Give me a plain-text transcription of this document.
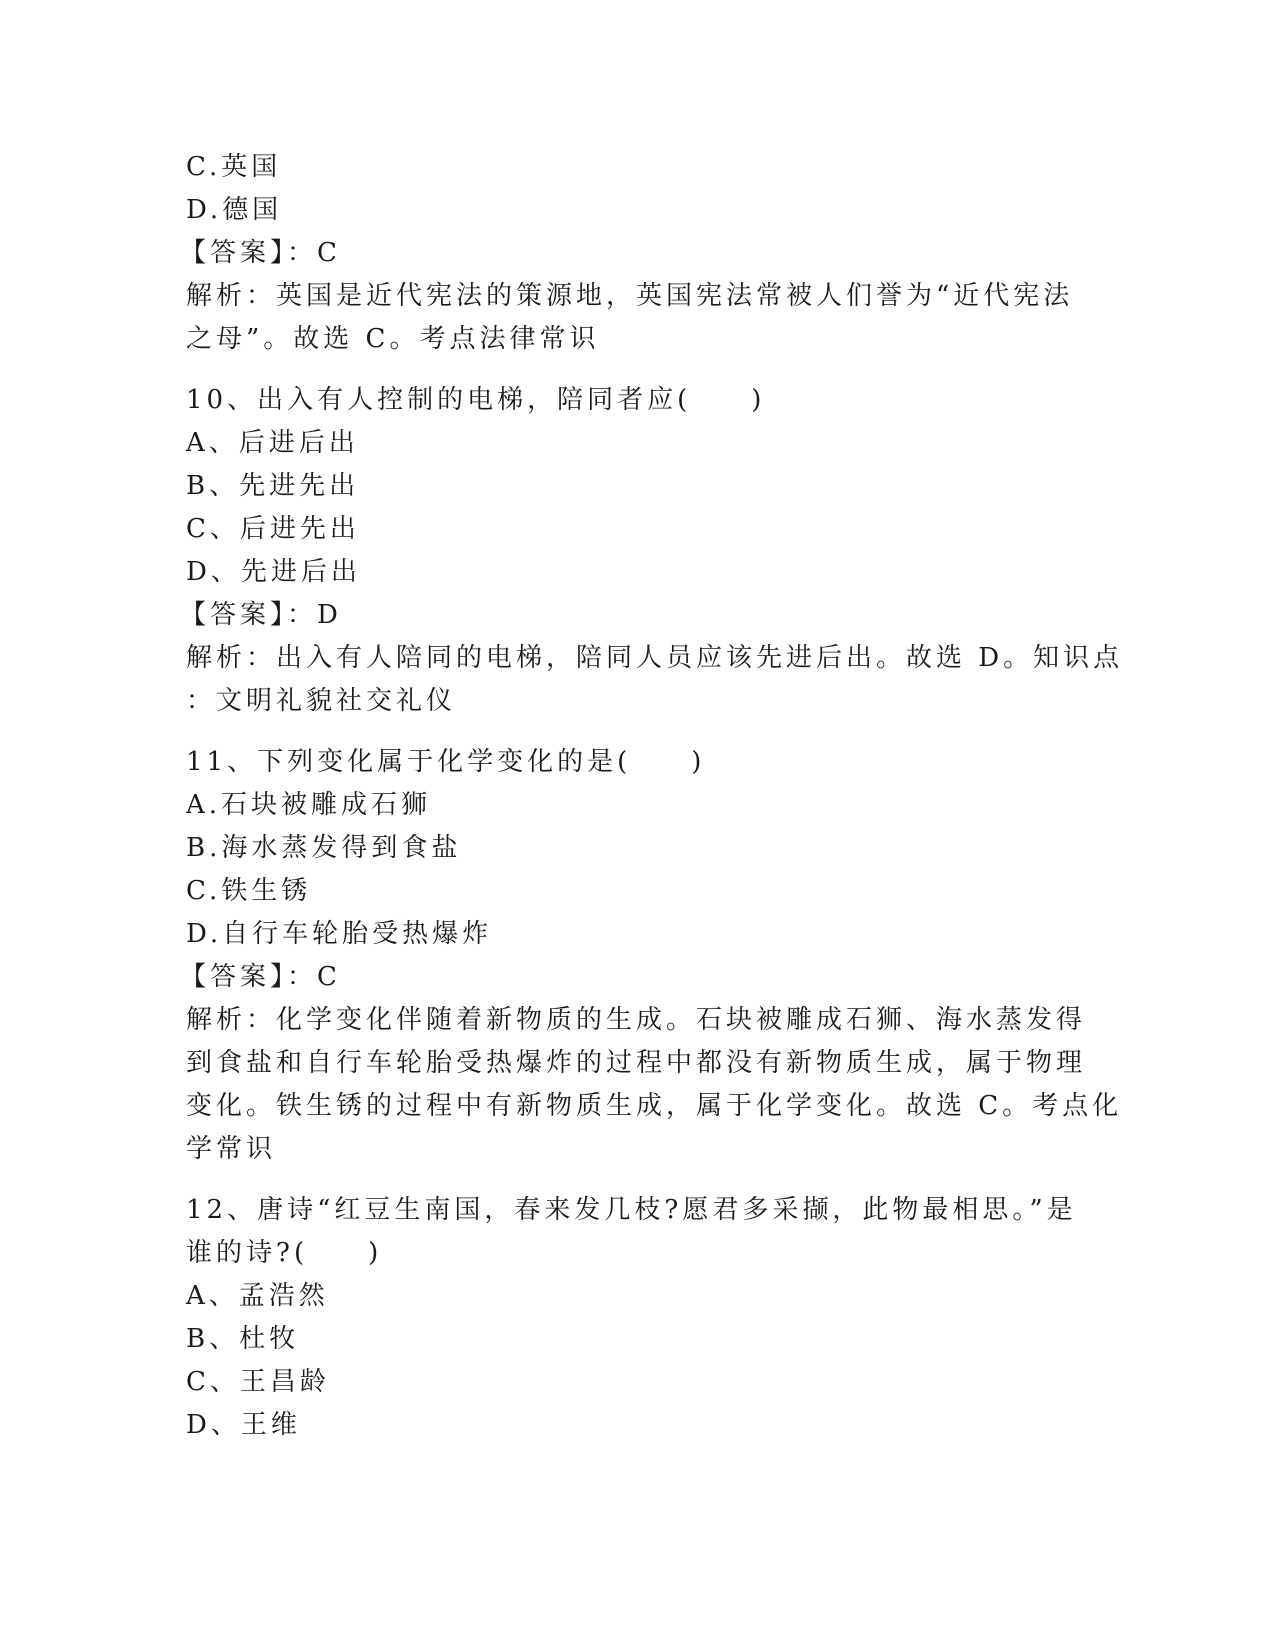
C.英国
D.德国
【答案】：C
解析：英国是近代宪法的策源地，英国宪法常被人们誉为“近代宪法
之母”。故选 C。考点法律常识
10、出入有人控制的电梯，陪同者应(　　)
A、后进后出
B、先进先出
C、后进先出
D、先进后出
【答案】：D
解析：出入有人陪同的电梯，陪同人员应该先进后出。故选 D。知识点
：文明礼貌社交礼仪
11、下列变化属于化学变化的是(　　)
A.石块被雕成石狮
B.海水蒸发得到食盐
C.铁生锈
D.自行车轮胎受热爆炸
【答案】：C
解析：化学变化伴随着新物质的生成。石块被雕成石狮、海水蒸发得
到食盐和自行车轮胎受热爆炸的过程中都没有新物质生成，属于物理
变化。铁生锈的过程中有新物质生成，属于化学变化。故选 C。考点化
学常识
12、唐诗“红豆生南国，春来发几枝?愿君多采撷，此物最相思。”是
谁的诗?(　　)
A、孟浩然
B、杜牧
C、王昌龄
D、王维
